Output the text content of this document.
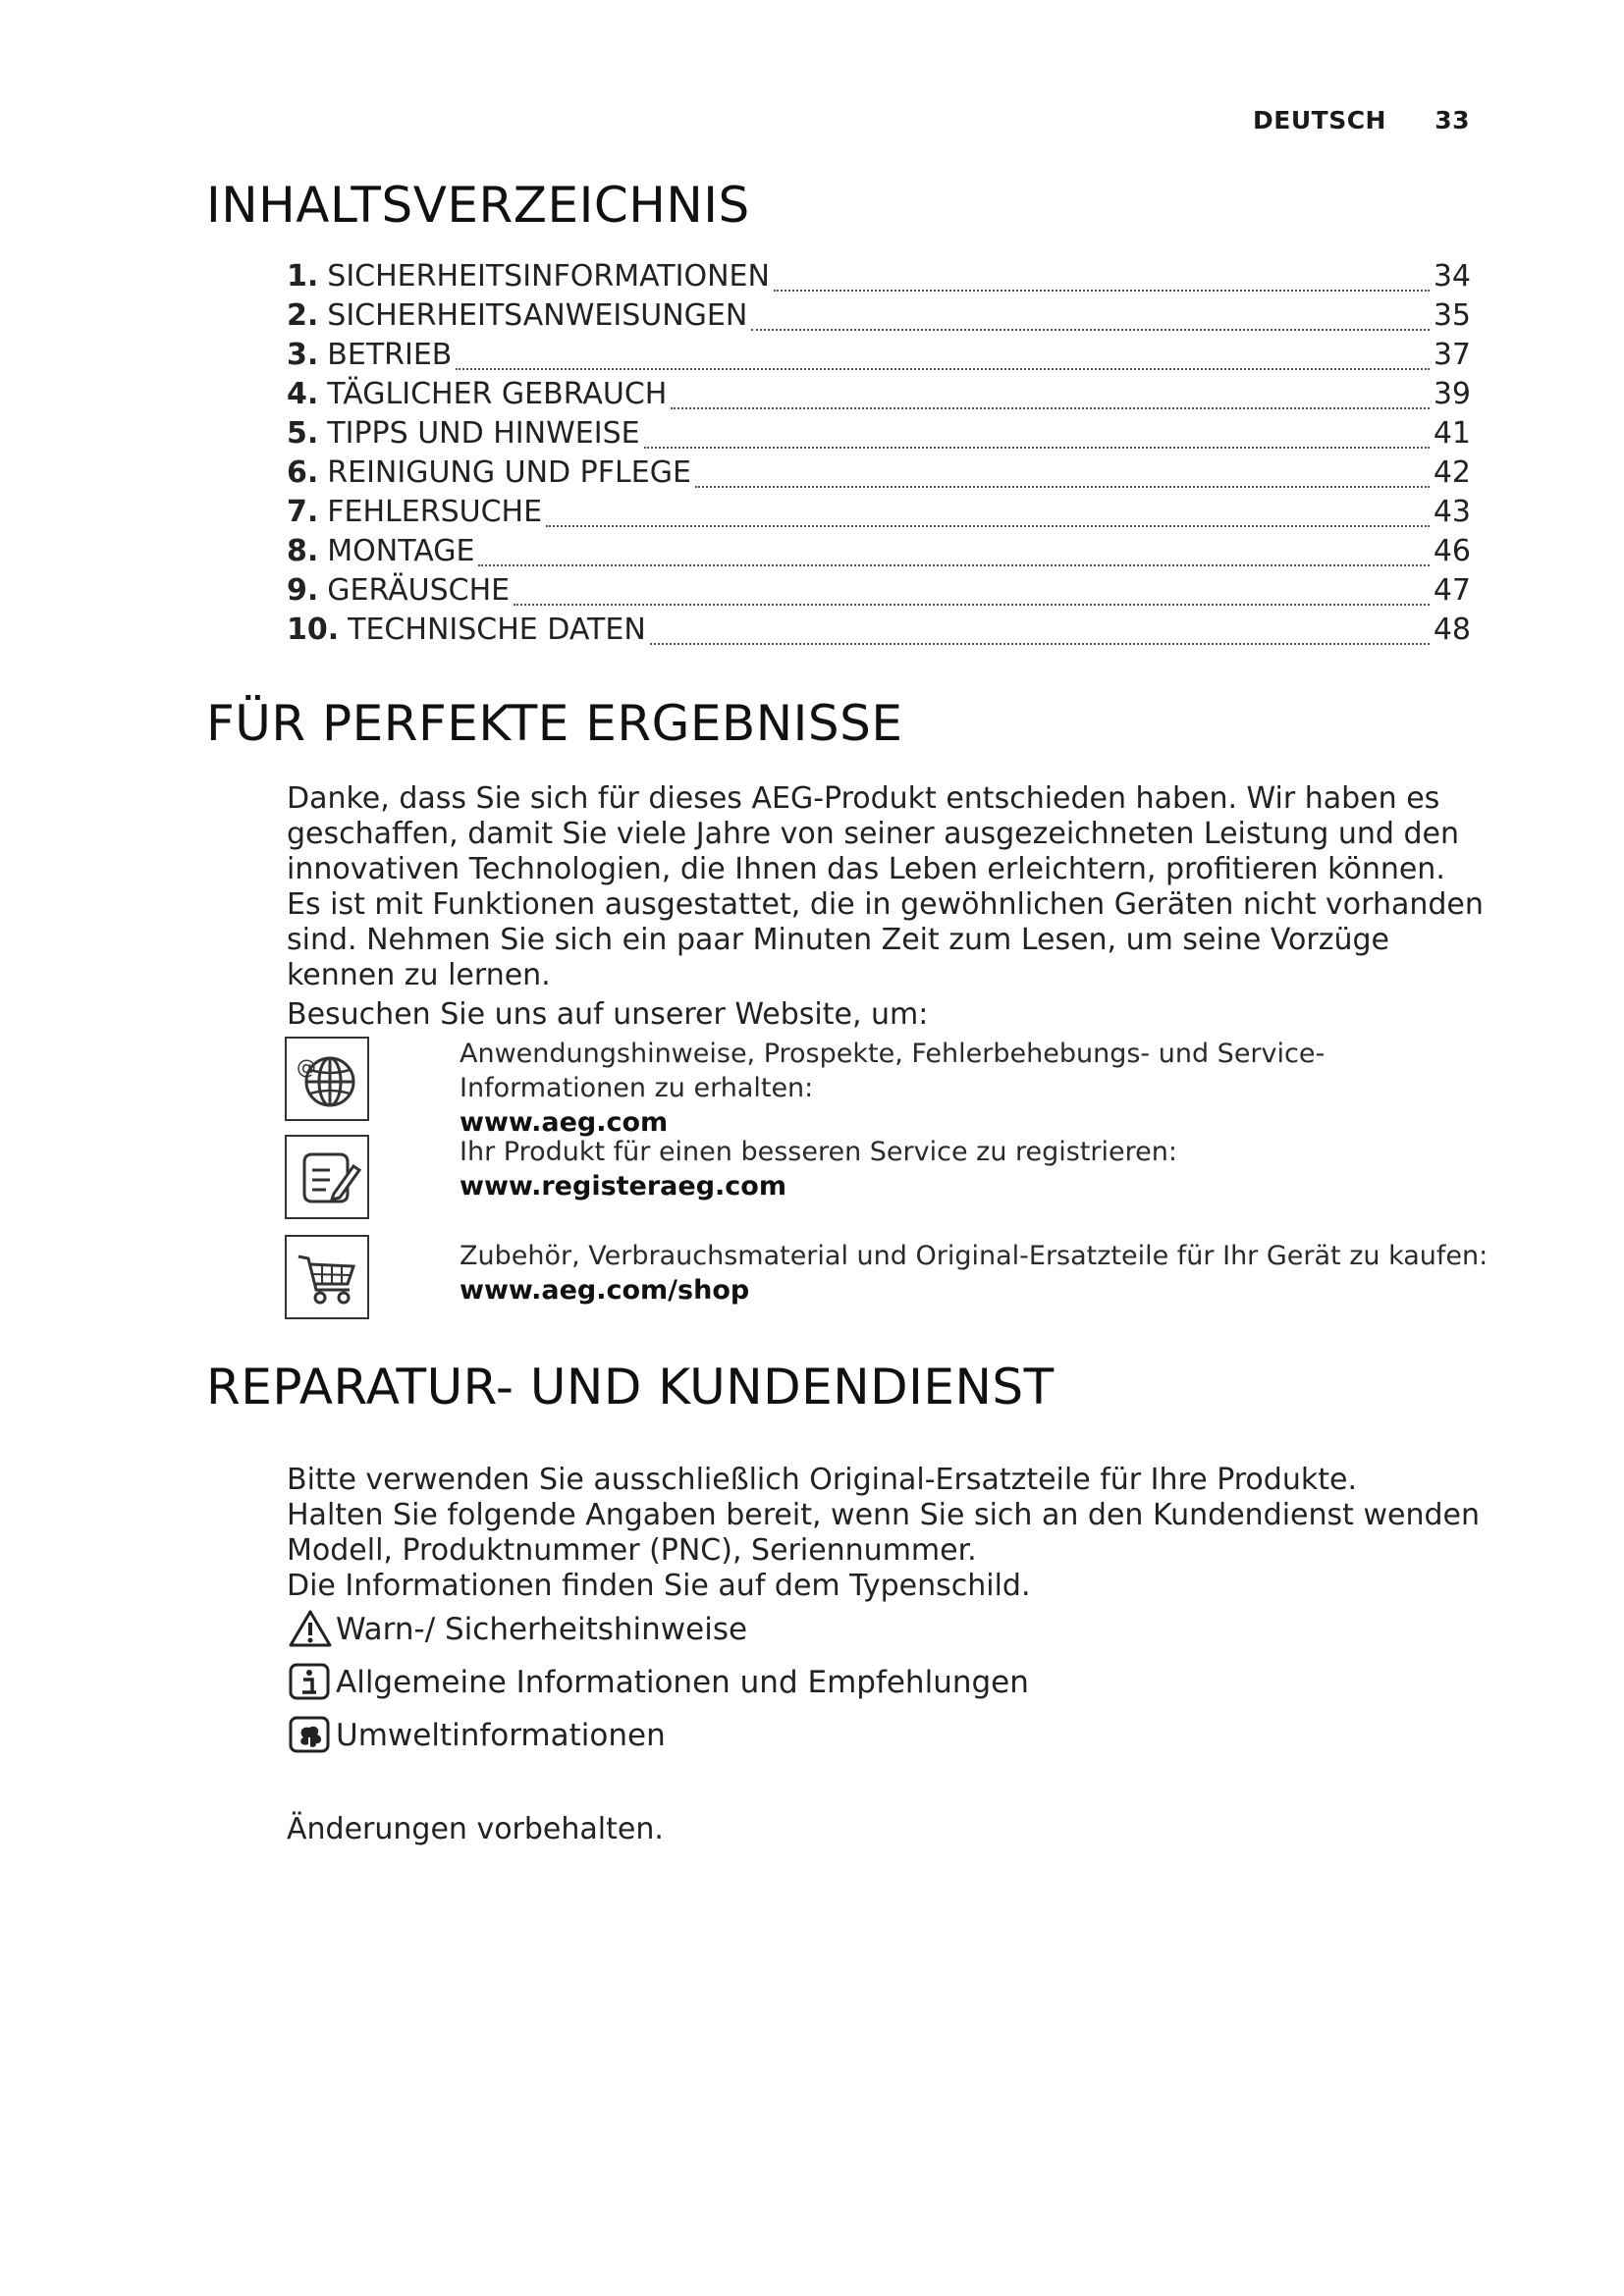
DEUTSCH 33
INHALTSVERZEICHNIS
1. SICHERHEITSINFORMATIONEN	34
2. SICHERHEITSANWEISUNGEN	35
3. BETRIEB	37
4. TÄGLICHER GEBRAUCH	39
5. TIPPS UND HINWEISE	41
6. REINIGUNG UND PFLEGE	42
7. FEHLERSUCHE	43
8. MONTAGE	46
9. GERÄUSCHE	47
10. TECHNISCHE DATEN	48
FÜR PERFEKTE ERGEBNISSE

Danke, dass Sie sich für dieses AEG-Produkt entschieden haben. Wir haben es geschaffen, damit Sie viele Jahre von seiner ausgezeichneten Leistung und den innovativen Technologien, die Ihnen das Leben erleichtern, profitieren können. Es ist mit Funktionen ausgestattet, die in gewöhnlichen Geräten nicht vorhanden sind. Nehmen Sie sich ein paar Minuten Zeit zum Lesen, um seine Vorzüge kennen zu lernen.

Besuchen Sie uns auf unserer Website, um:
@	Anwendungshinweise, Prospekte, Fehlerbehebungs- und Service-Informationen zu erhalten:
www.aeg.com
Ihr Produkt für einen besseren Service zu registrieren:
www.registeraeg.com
Zubehör, Verbrauchsmaterial und Original-Ersatzteile für Ihr Gerät zu kaufen:
www.aeg.com/shop
REPARATUR- UND KUNDENDIENST

Bitte verwenden Sie ausschließlich Original-Ersatzteile für Ihre Produkte.

Halten Sie folgende Angaben bereit, wenn Sie sich an den Kundendienst wenden Modell, Produktnummer (PNC), Seriennummer.

Die Informationen finden Sie auf dem Typenschild.

Warn-/ Sicherheitshinweise
Allgemeine Informationen und Empfehlungen
Umweltinformationen
Änderungen vorbehalten.
